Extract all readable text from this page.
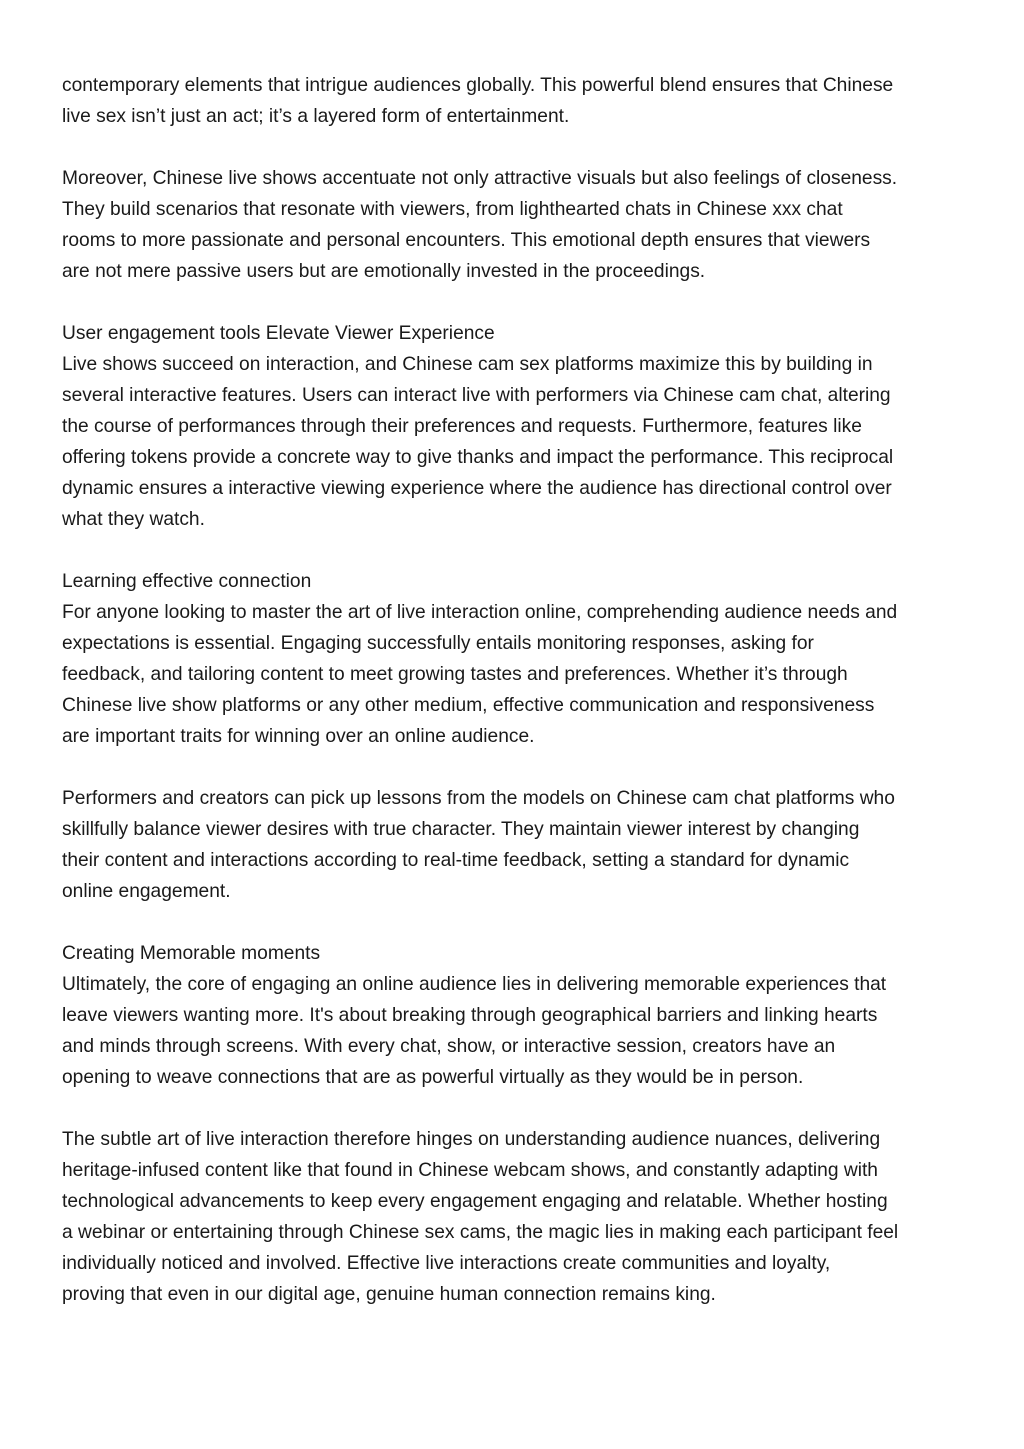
contemporary elements that intrigue audiences globally. This powerful blend ensures that Chinese
live sex isn’t just an act; it’s a layered form of entertainment.

Moreover, Chinese live shows accentuate not only attractive visuals but also feelings of closeness.
They build scenarios that resonate with viewers, from lighthearted chats in Chinese xxx chat
rooms to more passionate and personal encounters. This emotional depth ensures that viewers
are not mere passive users but are emotionally invested in the proceedings.

User engagement tools Elevate Viewer Experience

Live shows succeed on interaction, and Chinese cam sex platforms maximize this by building in
several interactive features. Users can interact live with performers via Chinese cam chat, altering
the course of performances through their preferences and requests. Furthermore, features like
offering tokens provide a concrete way to give thanks and impact the performance. This reciprocal
dynamic ensures a interactive viewing experience where the audience has directional control over
what they watch.

Learning effective connection

For anyone looking to master the art of live interaction online, comprehending audience needs and
expectations is essential. Engaging successfully entails monitoring responses, asking for
feedback, and tailoring content to meet growing tastes and preferences. Whether it’s through
Chinese live show platforms or any other medium, effective communication and responsiveness
are important traits for winning over an online audience.

Performers and creators can pick up lessons from the models on Chinese cam chat platforms who
skillfully balance viewer desires with true character. They maintain viewer interest by changing
their content and interactions according to real-time feedback, setting a standard for dynamic
online engagement.

Creating Memorable moments

Ultimately, the core of engaging an online audience lies in delivering memorable experiences that
leave viewers wanting more. It's about breaking through geographical barriers and linking hearts
and minds through screens. With every chat, show, or interactive session, creators have an
opening to weave connections that are as powerful virtually as they would be in person.

The subtle art of live interaction therefore hinges on understanding audience nuances, delivering
heritage-infused content like that found in Chinese webcam shows, and constantly adapting with
technological advancements to keep every engagement engaging and relatable. Whether hosting
a webinar or entertaining through Chinese sex cams, the magic lies in making each participant feel
individually noticed and involved. Effective live interactions create communities and loyalty,
proving that even in our digital age, genuine human connection remains king.
